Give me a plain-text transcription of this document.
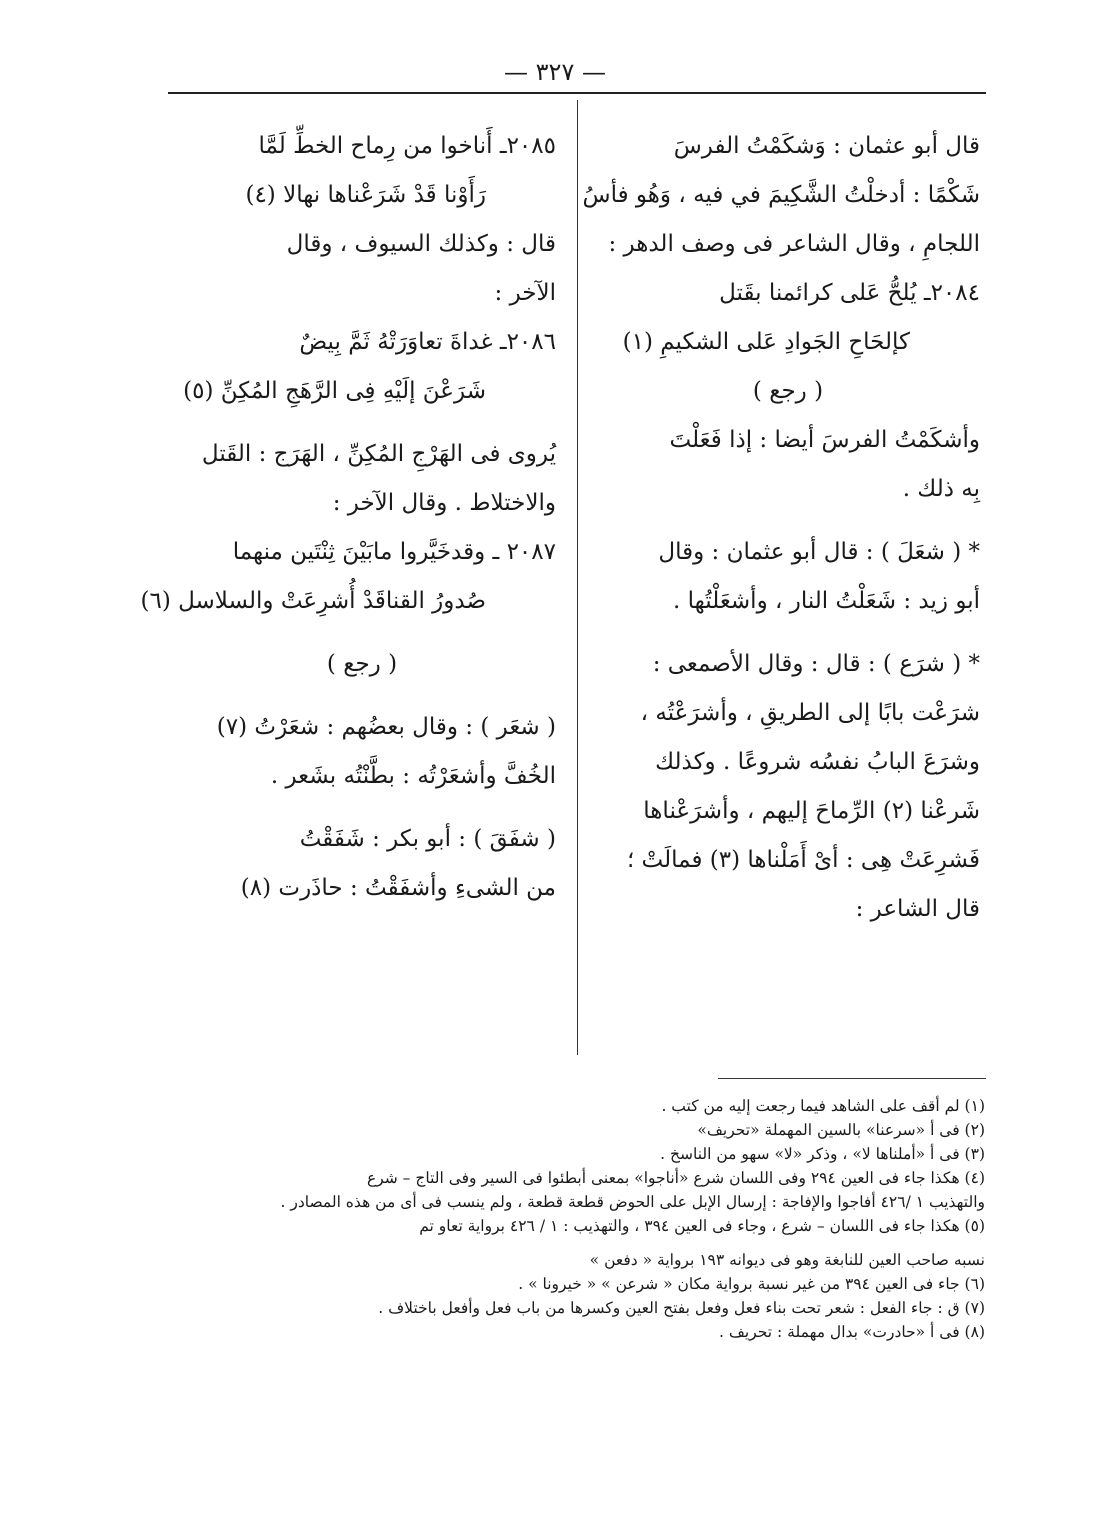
— ٣٢٧ —
قال أبو عثمان : وَشكَمْتُ الفرسَ
شَكْمًا : أدخلْتُ الشَّكِيمَ في فيه ، وَهُو فأسُ
اللجامِ ، وقال الشاعر فى وصف الدهر :
٢٠٨٤ـ يُلحُّ عَلى كرائمنا بقَتل
كإلحَاحِ الجَوادِ عَلى الشكيمِ (١)
( رجع )
وأشكَمْتُ الفرسَ أيضا : إذا فَعَلْتَ
بِه ذلك .
* ( شعَلَ ) : قال أبو عثمان : وقال
أبو زيد : شَعَلْتُ النار ، وأشعَلْتُها .
* ( شرَع ) : قال : وقال الأصمعى :
شرَعْت بابًا إلى الطريقِ ، وأشرَعْتُه ،
وشرَعَ البابُ نفسُه شروعًا . وكذلك
شَرعْنا (٢) الرِّماحَ إليهم ، وأشرَعْناها
فَشرِعَتْ هِى : أىْ أَمَلْناها (٣) فمالَتْ ؛
قال الشاعر :
٢٠٨٥ـ أَناخوا من رِماح الخطِّ لَمَّا
رَأَوْنا قَدْ شَرَعْناها نهالا (٤)
قال : وكذلك السيوف ، وقال
الآخر :
٢٠٨٦ـ غداةَ تعاوَرَتْهُ ثَمَّ بِيضٌ
شَرَعْنَ إلَيْهِ فِى الرَّهَجِ المُكِنِّ (٥)
يُروى فى الهَرْجِ المُكِنِّ ، الهَرَج : القَتل
والاختلاط . وقال الآخر :
٢٠٨٧ ـ وقدخَيَّروا مابَيْنَ ثِنْتَين منهما
صُدورُ القناقَدْ أُشرِعَتْ والسلاسل (٦)
( رجع )
( شعَر ) : وقال بعضُهم : شعَرْتُ (٧)
الخُفَّ وأشعَرْتُه : بطَّنْتُه بشَعر .
( شفَقَ ) : أبو بكر : شَفَقْتُ
من الشىءِ وأشفَقْتُ : حاذَرت (٨)
(١) لم أقف على الشاهد فيما رجعت إليه من كتب .
(٢) فى أ «سرعنا» بالسين المهملة «تحريف»
(٣) فى أ «أملناها لا» ، وذكر «لا» سهو من الناسخ .
(٤) هكذا جاء فى العين ٢٩٤ وفى اللسان شرع «أناجوا» بمعنى أبطئوا فى السير وفى التاج – شرع
والتهذيب ١ /٤٢٦ أفاجوا والإفاجة : إرسال الإبل على الحوض قطعة قطعة ، ولم ينسب فى أى من هذه المصادر .
(٥) هكذا جاء فى اللسان – شرع ، وجاء فى العين ٣٩٤ ، والتهذيب : ١ / ٤٢٦ برواية تعاو تم
نسبه صاحب العين للنابغة وهو فى ديوانه ١٩٣ برواية « دفعن »
(٦) جاء فى العين ٣٩٤ من غير نسبة برواية مكان « شرعن » « خيرونا » .
(٧) ق : جاء الفعل : شعر تحت بناء فعل وفعل بفتح العين وكسرها من باب فعل وأفعل باختلاف .
(٨) فى أ «حادرت» بدال مهملة : تحريف .
